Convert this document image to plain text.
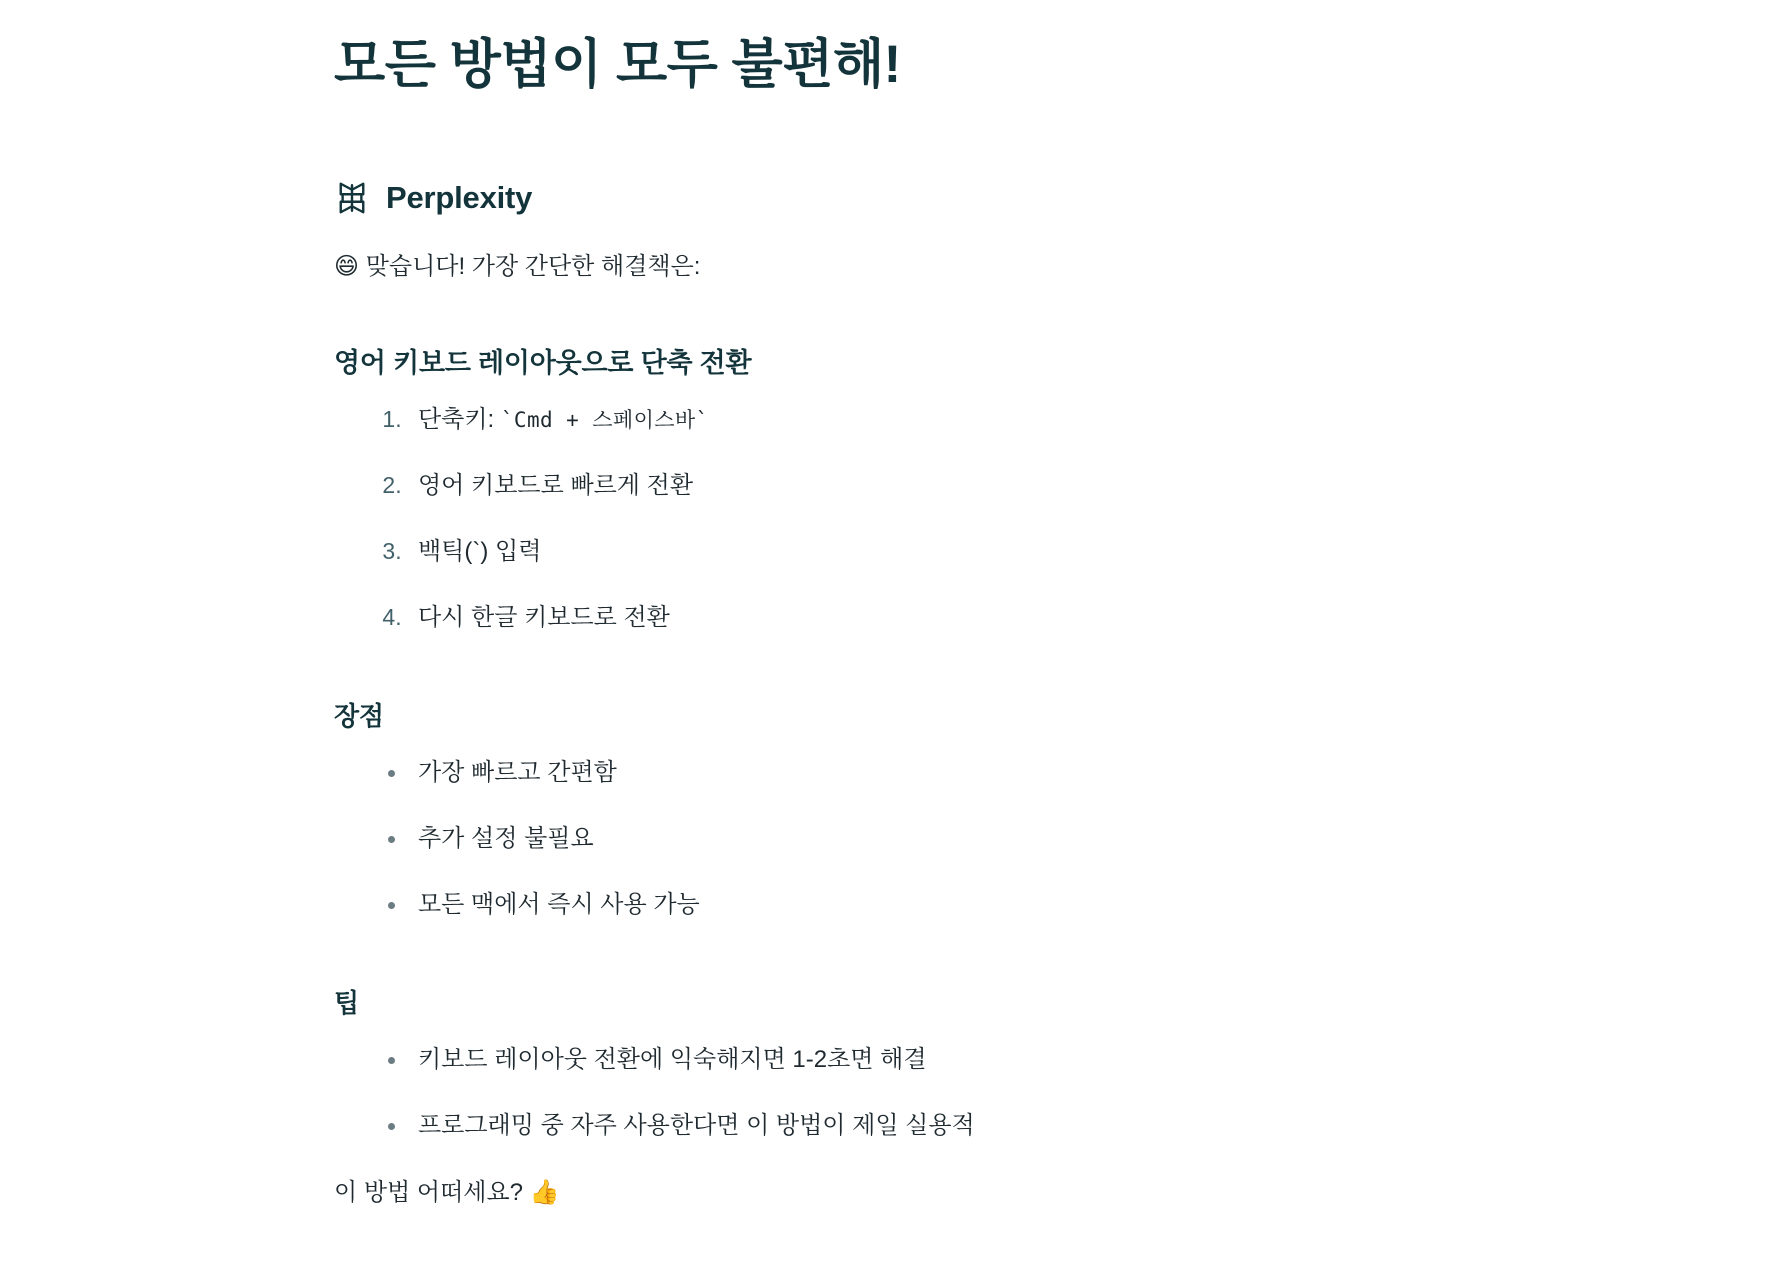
모든 방법이 모두 불편해!
Perplexity

😄 맞습니다! 가장 간단한 해결책은:

영어 키보드 레이아웃으로 단축 전환
1. 단축키: `Cmd + 스페이스바`
2. 영어 키보드로 빠르게 전환
3. 백틱(`) 입력
4. 다시 한글 키보드로 전환
장점
• 가장 빠르고 간편함
• 추가 설정 불필요
• 모든 맥에서 즉시 사용 가능
팁
• 키보드 레이아웃 전환에 익숙해지면 1-2초면 해결
• 프로그래밍 중 자주 사용한다면 이 방법이 제일 실용적

이 방법 어떠세요? 👍
